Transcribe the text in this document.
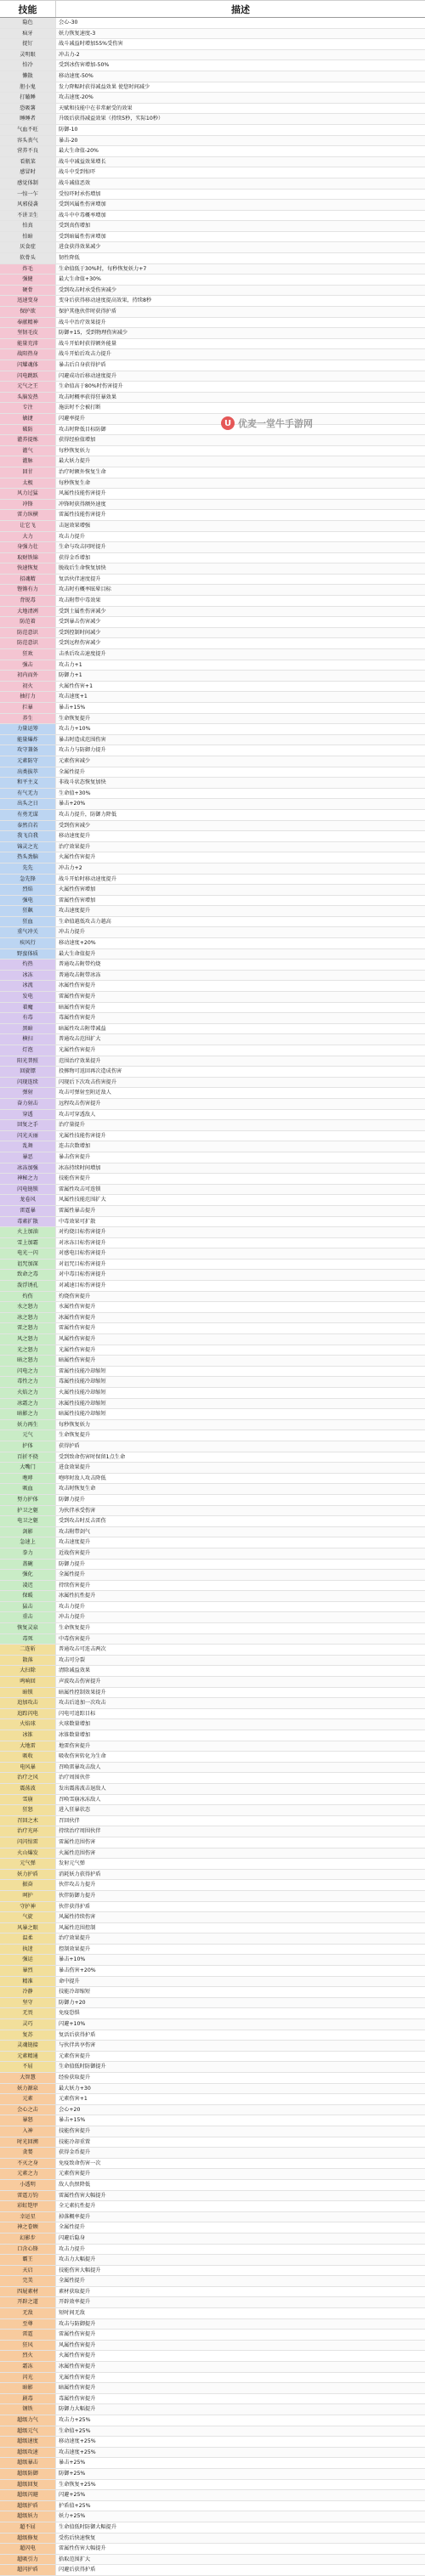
技能	描述
隐色	会心-30
疯牙	妖力恢复速度-3
捉钉	战斗减益时增加55%受伤害
灵明眼	冲击力-2
怕冷	受到冰伤害增加-50%
懒散	移动速度-50%
胆小鬼	发力降幅时获得减益效果 使您时间减少
打瞌睡	攻击速度-20%
恐吸薯	天赋和技能中在非常耐受的效果
睡睡者	升级后获得减益效果（持续5秒，实际10秒）
气血不旺	防御-10
容头丧气	暴击-20
营养不良	最大生命值-20%
看瓶菜	战斗中减益效果增长
感冒时	战斗中受到惊吓
感觉体制	战斗减值恶效
一惊一乍	受惊吓时承伤增加
风邪侵袭	受到风属性伤害增加
不讲卫生	战斗中中毒概率增加
怕真	受到真伤增加
怕暗	受到暗属性伤害增加
厌食症	进食获得效果减少
软骨头	韧性降低
炸毛	生命值低于30%时，每秒恢复妖力+7
强健	最大生命值+30%
硬骨	受到攻击时承受伤害减少
迅速变身	变身后获得移动速度提高效果，持续8秒
保护欲	保护其他伙伴时获得护盾
奉献精神	战斗中治疗效果提升
坚韧毛皮	防御+15，受到物理伤害减少
能量充沛	战斗开始时获得额外能量
战阳热身	战斗开始后攻击力提升
闪耀魂体	暴击后自身获得护盾
闪电跳跃	闪避成功后移动速度提升
元气之王	生命值高于80%时伤害提升
头脑发热	攻击时概率获得狂暴效果
专注	施法时不会被打断
敏捷	闪避率提升
破防	攻击时降低目标防御
灌养提炼	获得经验值增加
灌气	每秒恢复妖力
灌脉	最大妖力提升
回甘	治疗时额外恢复生命
太极	每秒恢复生命
风力过猛	风属性技能伤害提升
冲锋	冲锋时获得额外速度
雷力纵横	雷属性技能伤害提升
让它飞	击退效果增强
大力	攻击力提升
身强力壮	生命与攻击同时提升
取财铁锦	获得金币增加
快速恢复	脱战后生命恢复加快
招魂精	复活伙伴速度提升
铿锵有力	攻击时有概率眩晕目标
背锐毒	攻击附带中毒效果
大地清冽	受到土属性伤害减少
防范着	受到暴击伤害减少
防范意识	受到控制时间减少
防范意识	受到远程伤害减少
狂欢	击杀后攻击速度提升
强击	攻击力+1
初内而外	防御力+1
初火	火属性伤害+1
抽打力	攻击速度+1
拦暴	暴击+15%
养生	生命恢复提升
力量运筹	攻击力+10%
能量爆炸	暴击时造成范围伤害
攻守兼备	攻击力与防御力提升
元素防守	元素伤害减少
出类拔萃	全属性提升
和平主义	非战斗状态恢复加快
有气无力	生命值+30%
出头之日	暴击+20%
有勇无谋	攻击力提升，防御力降低
泰然自若	受到伤害减少
我飞自我	移动速度提升
锦灵之光	治疗效果提升
热头劲脑	火属性伤害提升
先先	冲击力+2
急先锋	战斗开始时移动速度提升
烈焰	火属性伤害增加
强电	雷属性伤害增加
狂飙	攻击速度提升
狂血	生命值越低攻击力越高
重气冲关	冲击力提升
疾风行	移动速度+20%
野蛮体质	最大生命值提升
灼热	普通攻击附带灼烧
冰冻	普通攻击附带冰冻
冰流	冰属性伤害提升
发电	雷属性伤害提升
着魔	暗属性伤害提升
有毒	毒属性伤害提升
黑暗	暗属性攻击附带减益
横扫	普通攻击范围扩大
灯泡	光属性伤害提升
阳光普照	范围治疗效果提升
回旋镖	投掷物可返回再次造成伤害
闪现连续	闪现后下次攻击伤害提升
弹射	攻击可弹射至附近敌人
奋力射击	远程攻击伤害提升
穿透	攻击可穿透敌人
回复之手	治疗量提升
闪光天丽	光属性技能伤害提升
乱舞	连击次数增加
暴恶	暴击伤害提升
冰冻加强	冰冻持续时间增加
神秘之力	技能伤害提升
闪电链锁	雷属性攻击可连锁
龙卷风	风属性技能范围扩大
雷霆暴	雷属性暴击提升
毒素扩散	中毒效果可扩散
火上加油	对灼烧目标伤害提升
雪上加霜	对冰冻目标伤害提升
电光一闪	对感电目标伤害提升
诅咒加深	对诅咒目标伤害提升
致命之毒	对中毒目标伤害提升
泼浮诱孔	对减速目标伤害提升
灼伤	灼烧伤害提升
水之怒力	水属性伤害提升
冰之怒力	冰属性伤害提升
雷之怒力	雷属性伤害提升
风之怒力	风属性伤害提升
光之怒力	光属性伤害提升
暗之怒力	暗属性伤害提升
闪电之力	雷属性技能冷却缩短
毒性之力	毒属性技能冷却缩短
火焰之力	火属性技能冷却缩短
冰霜之力	冰属性技能冷却缩短
暗影之力	暗属性技能冷却缩短
妖力再生	每秒恢复妖力
元气	生命恢复提升
护体	获得护盾
百折不挠	受到致命伤害时保留1点生命
大嘴门	进食效果提升
咆哮	咆哮时敌人攻击降低
吸血	攻击时恢复生命
努力护体	防御力提升
护卫之躯	为伙伴承受伤害
电卫之躯	受到攻击时反击雷伤
剑影	攻击附带剑气
急速上	攻击速度提升
拳力	近战伤害提升
盖碗	防御力提升
强化	全属性提升
凌迟	持续伤害提升
保暖	冰属性抗性提升
猛击	攻击力提升
重击	冲击力提升
恢复灵泉	生命恢复提升
毒死	中毒伤害提升
二连斩	普通攻击可连击两次
散落	攻击可分裂
大扫除	清除减益效果
鸣响回	声波攻击伤害提升
暗锁	暗属性控制效果提升
追加攻击	攻击后追加一次攻击
追踪闪电	闪电可追踪目标
火焰球	火球数量增加
冰锥	冰锥数量增加
大地雷	地雷伤害提升
吸收	吸收伤害转化为生命
电风暴	召唤雷暴攻击敌人
治疗之风	治疗周围伙伴
震荡波	发出震荡波击退敌人
雪崩	召唤雪崩冰冻敌人
狂怒	进入狂暴状态
召回之术	召回伙伴
治疗光环	持续治疗周围伙伴
闪闪惊雷	雷属性范围伤害
火山爆发	火属性范围伤害
元气弹	发射元气弹
妖力护盾	消耗妖力获得护盾
振奋	伙伴攻击力提升
呵护	伙伴防御力提升
守护神	伙伴获得护盾
气旋	风属性持续伤害
风暴之眼	风属性范围控制
温柔	治疗效果提升
执迷	控制效果提升
强运	暴击+10%
暴烈	暴击伤害+20%
精准	命中提升
冷静	技能冷却缩短
坚守	防御力+20
无畏	免疫恐惧
灵巧	闪避+10%
复苏	复活后获得护盾
灵魂链接	与伙伴共享伤害
元素精通	元素伤害提升
不屈	生命值低时防御提升
大智慧	经验获取提升
妖力源泉	最大妖力+30
元素	元素伤害+1
会心之击	会心+20
暴怒	暴击+15%
入神	技能伤害提升
时光回溯	技能冷却重置
贪婪	获得金币提升
不灭之身	免疫致命伤害一次
元素之力	元素伤害提升
小透明	敌人仇恨降低
雷霆万钧	雷属性伤害大幅提升
彩虹铠甲	全元素抗性提升
幸运星	掉落概率提升
神之眷顾	全属性提升
幻影步	闪避后隐身
口含心锋	攻击力提升
霸王	攻击力大幅提升
天启	技能伤害大幅提升
完美	全属性提升
四屁素材	素材获取提升
开辟之道	开辟效率提升
无敌	短时间无敌
至尊	攻击与防御提升
雷霆	雷属性伤害提升
狂风	风属性伤害提升
烈火	火属性伤害提升
霜冻	冰属性伤害提升
闪光	光属性伤害提升
暗影	暗属性伤害提升
剧毒	毒属性伤害提升
钢铁	防御力大幅提升
超级力气	攻击力+25%
超级元气	生命值+25%
超级速度	移动速度+25%
超级攻速	攻击速度+25%
超级暴击	暴击+25%
超级防御	防御+25%
超级回复	生命恢复+25%
超级闪避	闪避+25%
超级护盾	护盾值+25%
超级妖力	妖力+25%
超不屈	生命值低时防御大幅提升
超级修复	受伤后快速恢复
超闪电	雷属性伤害大幅提升
超吸引力	拾取范围扩大
超闪护盾	闪避后获得护盾
U 优麦一堂牛手游网
